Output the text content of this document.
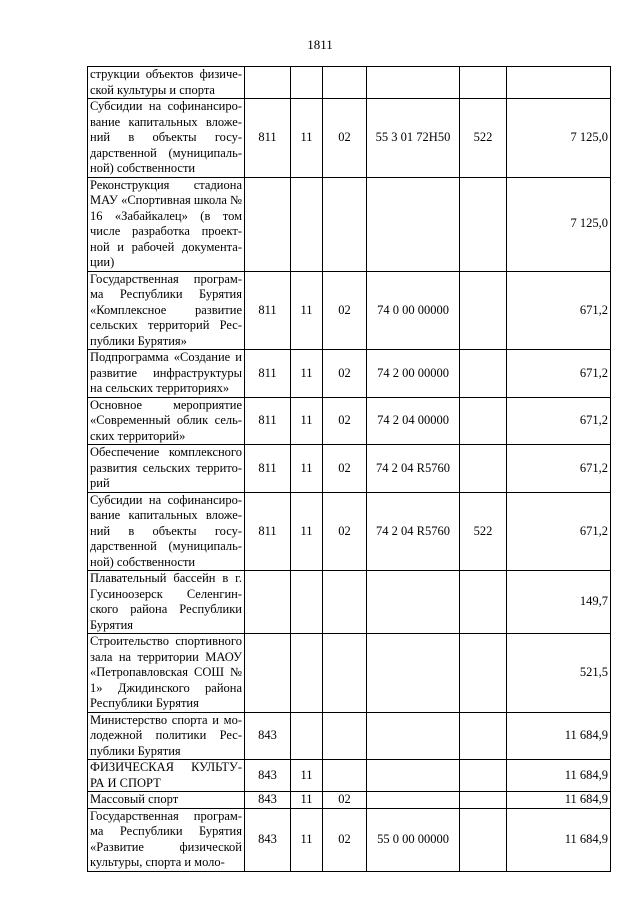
1811
струкции объектов физиче-ской культуры и спорта						
Субсидии на софинансиро-вание капитальных вложе-ний в объекты госу-дарственной (муниципаль-ной) собственности	811	11	02	55 3 01 72Н50	522	7 125,0
Реконструкция стадиона МАУ «Спортивная школа № 16 «Забайкалец» (в том числе разработка проект-ной и рабочей документа-ции)						7 125,0
Государственная програм-ма Республики Бурятия «Комплексное развитие сельских территорий Рес-публики Бурятия»	811	11	02	74 0 00 00000		671,2
Подпрограмма «Создание и развитие инфраструктуры на сельских территориях»	811	11	02	74 2 00 00000		671,2
Основное мероприятие «Современный облик сель-ских территорий»	811	11	02	74 2 04 00000		671,2
Обеспечение комплексного развития сельских террито-рий	811	11	02	74 2 04 R5760		671,2
Субсидии на софинансиро-вание капитальных вложе-ний в объекты госу-дарственной (муниципаль-ной) собственности	811	11	02	74 2 04 R5760	522	671,2
Плавательный бассейн в г. Гусиноозерск Селенгин-ского района Республики Бурятия						149,7
Строительство спортивного зала на территории МАОУ «Петропавловская СОШ № 1» Джидинского района Республики Бурятия						521,5
Министерство спорта и мо-лодежной политики Рес-публики Бурятия	843					11 684,9
ФИЗИЧЕСКАЯ КУЛЬТУ-РА И СПОРТ	843	11				11 684,9
Массовый спорт	843	11	02			11 684,9
Государственная програм-ма Республики Бурятия «Развитие физической культуры, спорта и моло-	843	11	02	55 0 00 00000		11 684,9
